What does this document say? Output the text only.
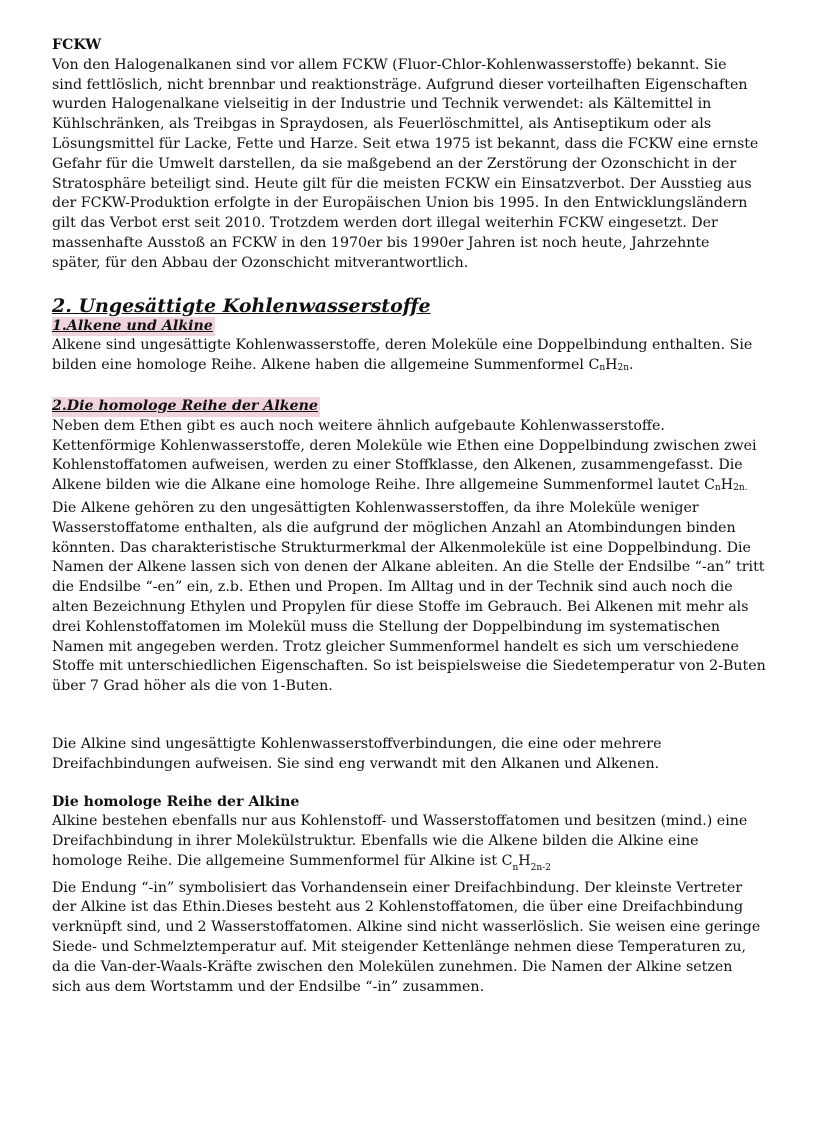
FCKW

Von den Halogenalkanen sind vor allem FCKW (Fluor-Chlor-Kohlenwasserstoffe) bekannt. Sie

sind fettlöslich, nicht brennbar und reaktionsträge. Aufgrund dieser vorteilhaften Eigenschaften

wurden Halogenalkane vielseitig in der Industrie und Technik verwendet: als Kältemittel in

Kühlschränken, als Treibgas in Spraydosen, als Feuerlöschmittel, als Antiseptikum oder als

Lösungsmittel für Lacke, Fette und Harze. Seit etwa 1975 ist bekannt, dass die FCKW eine ernste

Gefahr für die Umwelt darstellen, da sie maßgebend an der Zerstörung der Ozonschicht in der

Stratosphäre beteiligt sind. Heute gilt für die meisten FCKW ein Einsatzverbot. Der Ausstieg aus

der FCKW-Produktion erfolgte in der Europäischen Union bis 1995. In den Entwicklungsländern

gilt das Verbot erst seit 2010. Trotzdem werden dort illegal weiterhin FCKW eingesetzt. Der

massenhafte Ausstoß an FCKW in den 1970er bis 1990er Jahren ist noch heute, Jahrzehnte

später, für den Abbau der Ozonschicht mitverantwortlich.

2. Ungesättigte Kohlenwasserstoffe
1.Alkene und Alkine

Alkene sind ungesättigte Kohlenwasserstoffe, deren Moleküle eine Doppelbindung enthalten. Sie

bilden eine homologe Reihe. Alkene haben die allgemeine Summenformel CnH2n.

2.Die homologe Reihe der Alkene

Neben dem Ethen gibt es auch noch weitere ähnlich aufgebaute Kohlenwasserstoffe.

Kettenförmige Kohlenwasserstoffe, deren Moleküle wie Ethen eine Doppelbindung zwischen zwei

Kohlenstoffatomen aufweisen, werden zu einer Stoffklasse, den Alkenen, zusammengefasst. Die

Alkene bilden wie die Alkane eine homologe Reihe. Ihre allgemeine Summenformel lautet CnH2n.

Die Alkene gehören zu den ungesättigten Kohlenwasserstoffen, da ihre Moleküle weniger

Wasserstoffatome enthalten, als die aufgrund der möglichen Anzahl an Atombindungen binden

könnten. Das charakteristische Strukturmerkmal der Alkenmoleküle ist eine Doppelbindung. Die

Namen der Alkene lassen sich von denen der Alkane ableiten. An die Stelle der Endsilbe “-an” tritt

die Endsilbe “-en” ein, z.b. Ethen und Propen. Im Alltag und in der Technik sind auch noch die

alten Bezeichnung Ethylen und Propylen für diese Stoffe im Gebrauch. Bei Alkenen mit mehr als

drei Kohlenstoffatomen im Molekül muss die Stellung der Doppelbindung im systematischen

Namen mit angegeben werden. Trotz gleicher Summenformel handelt es sich um verschiedene

Stoffe mit unterschiedlichen Eigenschaften. So ist beispielsweise die Siedetemperatur von 2-Buten

über 7 Grad höher als die von 1-Buten.

Die Alkine sind ungesättigte Kohlenwasserstoffverbindungen, die eine oder mehrere

Dreifachbindungen aufweisen. Sie sind eng verwandt mit den Alkanen und Alkenen.

Die homologe Reihe der Alkine

Alkine bestehen ebenfalls nur aus Kohlenstoff- und Wasserstoffatomen und besitzen (mind.) eine

Dreifachbindung in ihrer Molekülstruktur. Ebenfalls wie die Alkene bilden die Alkine eine

homologe Reihe. Die allgemeine Summenformel für Alkine ist $C_nH_{2n-2}$

Die Endung “-in” symbolisiert das Vorhandensein einer Dreifachbindung. Der kleinste Vertreter

der Alkine ist das Ethin.Dieses besteht aus 2 Kohlenstoffatomen, die über eine Dreifachbindung

verknüpft sind, und 2 Wasserstoffatomen. Alkine sind nicht wasserlöslich. Sie weisen eine geringe

Siede- und Schmelztemperatur auf. Mit steigender Kettenlänge nehmen diese Temperaturen zu,

da die Van-der-Waals-Kräfte zwischen den Molekülen zunehmen. Die Namen der Alkine setzen

sich aus dem Wortstamm und der Endsilbe “-in” zusammen.
